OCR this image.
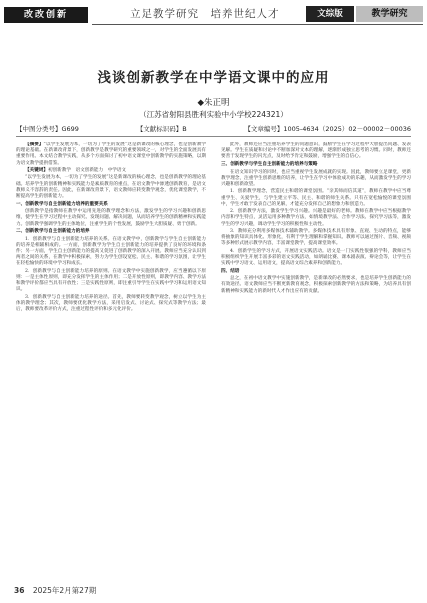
改改创新	立足教学研究　培养世纪人才	文综版	教学研究
浅谈创新教学在中学语文课中的应用
◆朱正明
（江苏省射阳县胜利实验中小学校224321）
【中图分类号】G699	【文献标识码】B	【文章编号】1005-4634（2025）02－00002－00036

【摘要】“以学生发展为本，一切为了学生的发展”这是新课改的核心理念，也是创新教学的理论基础。在新课改背景下，创新教学是教学研究的重要领域之一，对学生的全面发展具有重要作用。本文结合教学实践，从多个方面探讨了初中语文课堂中创新教学的实施策略，以期为语文教学提供借鉴。

【关键词】初创新教学　语文创新能力　中学语文

“以学生发展为本，一切为了学生的发展”这是新课改的核心理念，也是创新教学的理论基础。培养学生的创新精神和实践能力是素质教育的重点，在语文教学中渗透创新教育，是语文教师义不容辞的责任。因此，在新课改背景下，语文教师应转变教学观念，优化课堂教学，不断提高学生的创新能力。

一、创新教学与自主创新能力培养的重要关系

创新教学是指教师在教学中运用先进的教学理念和方法，激发学生的学习兴趣和创新思维，使学生在学习过程中主动探究、发现问题、解决问题，从而培养学生的创新精神和实践能力。创新教学强调学生的主体地位，注重学生的个性发展，鼓励学生大胆质疑、勇于创新。

二、创新教学与自主创新能力的培养

1．创新教学与自主创新能力培养的关系。在语文教学中，创新教学与学生自主创新能力的培养是相辅相成的。一方面，创新教学为学生自主创新能力的培养提供了良好的环境和条件；另一方面，学生自主创新能力的提高又促进了创新教学的深入开展。教师应当充分认识到两者之间的关系，在教学中积极探索，努力为学生创设宽松、民主、和谐的学习氛围，让学生在轻松愉快的环境中学习和成长。

2．创新教学与自主创新能力培养的原则。在语文教学中实施创新教学，应当遵循以下原则：一是主体性原则，即充分发挥学生的主体作用；二是开放性原则，即教学内容、教学方法和教学评价都应当具有开放性；三是实践性原则，即注重引导学生在实践中学习和运用语文知识。

3．创新教学与自主创新能力培养的途径。首先，教师要转变教学观念，树立以学生为主体的教学理念；其次，教师要优化教学方法，采用启发式、讨论式、探究式等教学方法；最后，教师要改革评价方式，注重过程性评价和多元化评价。

此外，教师还应当注重培养学生的问题意识，鼓励学生在学习过程中大胆提出问题、发表见解。学生在质疑和讨论中不断加深对文本的理解，逐渐形成独立思考的习惯。同时，教师还要善于发现学生的闪光点，及时给予肯定和鼓励，增强学生的自信心。

三、创新教学与学生自主创新能力的培养与策略

在语文知识学习的同时，也应当重视学生发展成就的实现。因此，教师要立足课堂，更新教学理念，注重学生创新思维的培养，让学生在学习中体验成功的乐趣，从而激发学生的学习兴趣和创新欲望。

1．创新教学理念，营造民主和谐的课堂氛围。“亲其师而信其道”，教师在教学中应当尊重学生、关爱学生，与学生建立平等、民主、和谐的师生关系。只有在宽松愉悦的课堂氛围中，学生才敢于发表自己的见解，才能充分发挥自己的想象力和创造力。

2．创新教学方法，激发学生学习兴趣。兴趣是最好的老师。教师在教学中应当根据教学内容和学生特点，灵活运用多种教学方法，如情境教学法、合作学习法、探究学习法等，激发学生的学习兴趣，调动学生学习的积极性和主动性。

3．教师充分利用多媒体技术辅助教学。多媒体技术具有形象、直观、生动的特点，能够将抽象的知识具体化、形象化，有利于学生理解和掌握知识。教师可以通过图片、音频、视频等多种形式展示教学内容，丰富课堂教学，提高课堂效率。

4．创新学生的学习方式，开展语文实践活动。语文是一门实践性很强的学科，教师应当积极组织学生开展丰富多彩的语文实践活动，如朗诵比赛、课本剧表演、辩论会等，让学生在实践中学习语文、运用语文，提高语文综合素养和创新能力。

四、结语

总之，在初中语文教学中实施创新教学，是新课改的必然要求，也是培养学生创新能力的有效途径。语文教师应当不断更新教育观念，积极探索创新教学的方法和策略，为培养具有创新精神和实践能力的新时代人才作出应有的贡献。

36 2025年2月第27期
